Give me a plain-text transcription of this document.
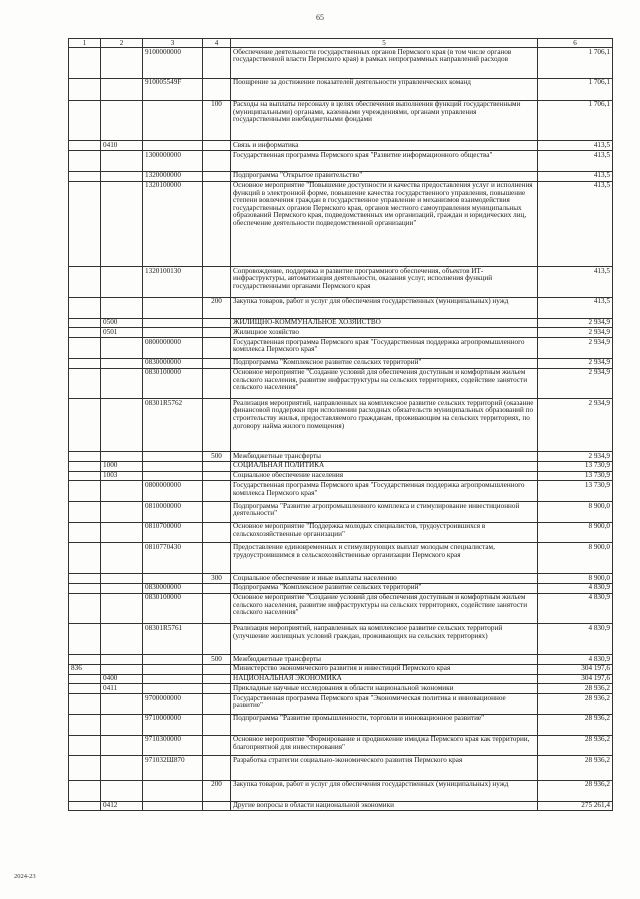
65
1	2	3	4	5	6
		9100000000		Обеспечение деятельности государственных органов Пермского края (в том числе органов государственной власти Пермского края) в рамках непрограммных направлений расходов	1 706,1
		910005549F		Поощрение за достижение показателей деятельности управленческих команд	1 706,1
			100	Расходы на выплаты персоналу в целях обеспечения выполнения функций государственными (муниципальными) органами, казенными учреждениями, органами управления государственными внебюджетными фондами	1 706,1
	0410			Связь и информатика	413,5
		1300000000		Государственная программа Пермского края "Развитие информационного общества"	413,5
		1320000000		Подпрограмма "Открытое правительство"	413,5
		1320100000		Основное мероприятие "Повышение доступности и качества предоставления услуг и исполнения функций в электронной форме, повышение качества государственного управления, повышение степени вовлечения граждан в государственное управление и механизмов взаимодействия государственных органов Пермского края, органов местного самоуправления муниципальных образований Пермского края, подведомственных им организаций, граждан и юридических лиц, обеспечение деятельности подведомственной организации"	413,5
		1320100130		Сопровождение, поддержка и развитие программного обеспечения, объектов ИТ-инфраструктуры, автоматизация деятельности, оказания услуг, исполнения функций государственными органами Пермского края	413,5
			200	Закупка товаров, работ и услуг для обеспечения государственных (муниципальных) нужд	413,5
	0500			ЖИЛИЩНО-КОММУНАЛЬНОЕ ХОЗЯЙСТВО	2 934,9
	0501			Жилищное хозяйство	2 934,9
		0800000000		Государственная программа Пермского края "Государственная поддержка агропромышленного комплекса Пермского края"	2 934,9
		0830000000		Подпрограмма "Комплексное развитие сельских территорий"	2 934,9
		0830100000		Основное мероприятие "Создание условий для обеспечения доступным и комфортным жильем сельского населения, развитие инфраструктуры на сельских территориях, содействие занятости сельского населения"	2 934,9
		08301R5762		Реализация мероприятий, направленных на комплексное развитие сельских территорий (оказание финансовой поддержки при исполнении расходных обязательств муниципальных образований по строительству жилья, предоставляемого гражданам, проживающим на сельских территориях, по договору найма жилого помещения)	2 934,9
			500	Межбюджетные трансферты	2 934,9
	1000			СОЦИАЛЬНАЯ ПОЛИТИКА	13 730,9
	1003			Социальное обеспечение населения	13 730,9
		0800000000		Государственная программа Пермского края "Государственная поддержка агропромышленного комплекса Пермского края"	13 730,9
		0810000000		Подпрограмма "Развитие агропромышленного комплекса и стимулирование инвестиционной деятельности"	8 900,0
		0810700000		Основное мероприятие "Поддержка молодых специалистов, трудоустроившихся в сельскохозяйственные организации"	8 900,0
		0810770430		Предоставление единовременных и стимулирующих выплат молодым специалистам, трудоустроившимся в сельскохозяйственные организации Пермского края	8 900,0
			300	Социальное обеспечение и иные выплаты населению	8 900,0
		0830000000		Подпрограмма "Комплексное развитие сельских территорий"	4 830,9
		0830100000		Основное мероприятие "Создание условий для обеспечения доступным и комфортным жильем сельского населения, развитие инфраструктуры на сельских территориях, содействие занятости сельского населения"	4 830,9
		08301R5761		Реализация мероприятий, направленных на комплексное развитие сельских территорий (улучшение жилищных условий граждан, проживающих на сельских территориях)	4 830,9
			500	Межбюджетные трансферты	4 830,9
836				Министерство экономического развития и инвестиций Пермского края	304 197,6
	0400			НАЦИОНАЛЬНАЯ ЭКОНОМИКА	304 197,6
	0411			Прикладные научные исследования в области национальной экономики	28 936,2
		9700000000		Государственная программа Пермского края "Экономическая политика и инновационное развитие"	28 936,2
		9710000000		Подпрограмма "Развитие промышленности, торговли и инновационное развитие"	28 936,2
		9710300000		Основное мероприятие "Формирование и продвижение имиджа Пермского края как территории, благоприятной для инвестирования"	28 936,2
		971032Ш870		Разработка стратегии социально-экономического развития Пермского края	28 936,2
			200	Закупка товаров, работ и услуг для обеспечения государственных (муниципальных) нужд	28 936,2
	0412			Другие вопросы в области национальной экономики	275 261,4
2024-23
